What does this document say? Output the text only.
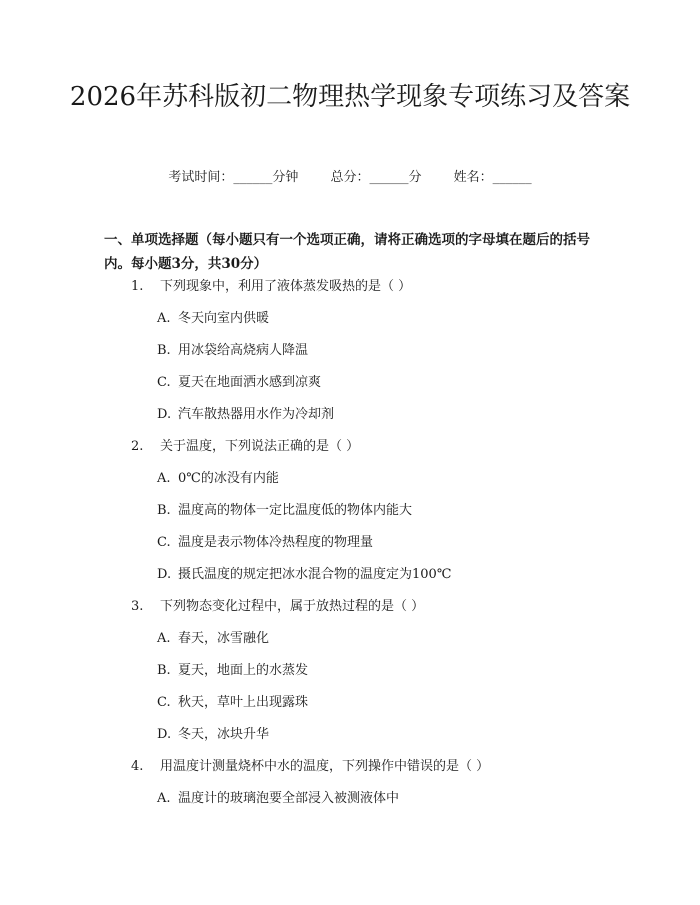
2026年苏科版初二物理热学现象专项练习及答案
考试时间：______分钟 总分：______分 姓名：______

一、单项选择题（每小题只有一个选项正确，请将正确选项的字母填在题后的括号内。每小题3分，共30分）

1. 下列现象中，利用了液体蒸发吸热的是（ ）
A. 冬天向室内供暖
B. 用冰袋给高烧病人降温
C. 夏天在地面洒水感到凉爽
D. 汽车散热器用水作为冷却剂
2. 关于温度，下列说法正确的是（ ）
A. 0℃的冰没有内能
B. 温度高的物体一定比温度低的物体内能大
C. 温度是表示物体冷热程度的物理量
D. 摄氏温度的规定把冰水混合物的温度定为100℃
3. 下列物态变化过程中，属于放热过程的是（ ）
A. 春天，冰雪融化
B. 夏天，地面上的水蒸发
C. 秋天，草叶上出现露珠
D. 冬天，冰块升华
4. 用温度计测量烧杯中水的温度，下列操作中错误的是（ ）
A. 温度计的玻璃泡要全部浸入被测液体中
